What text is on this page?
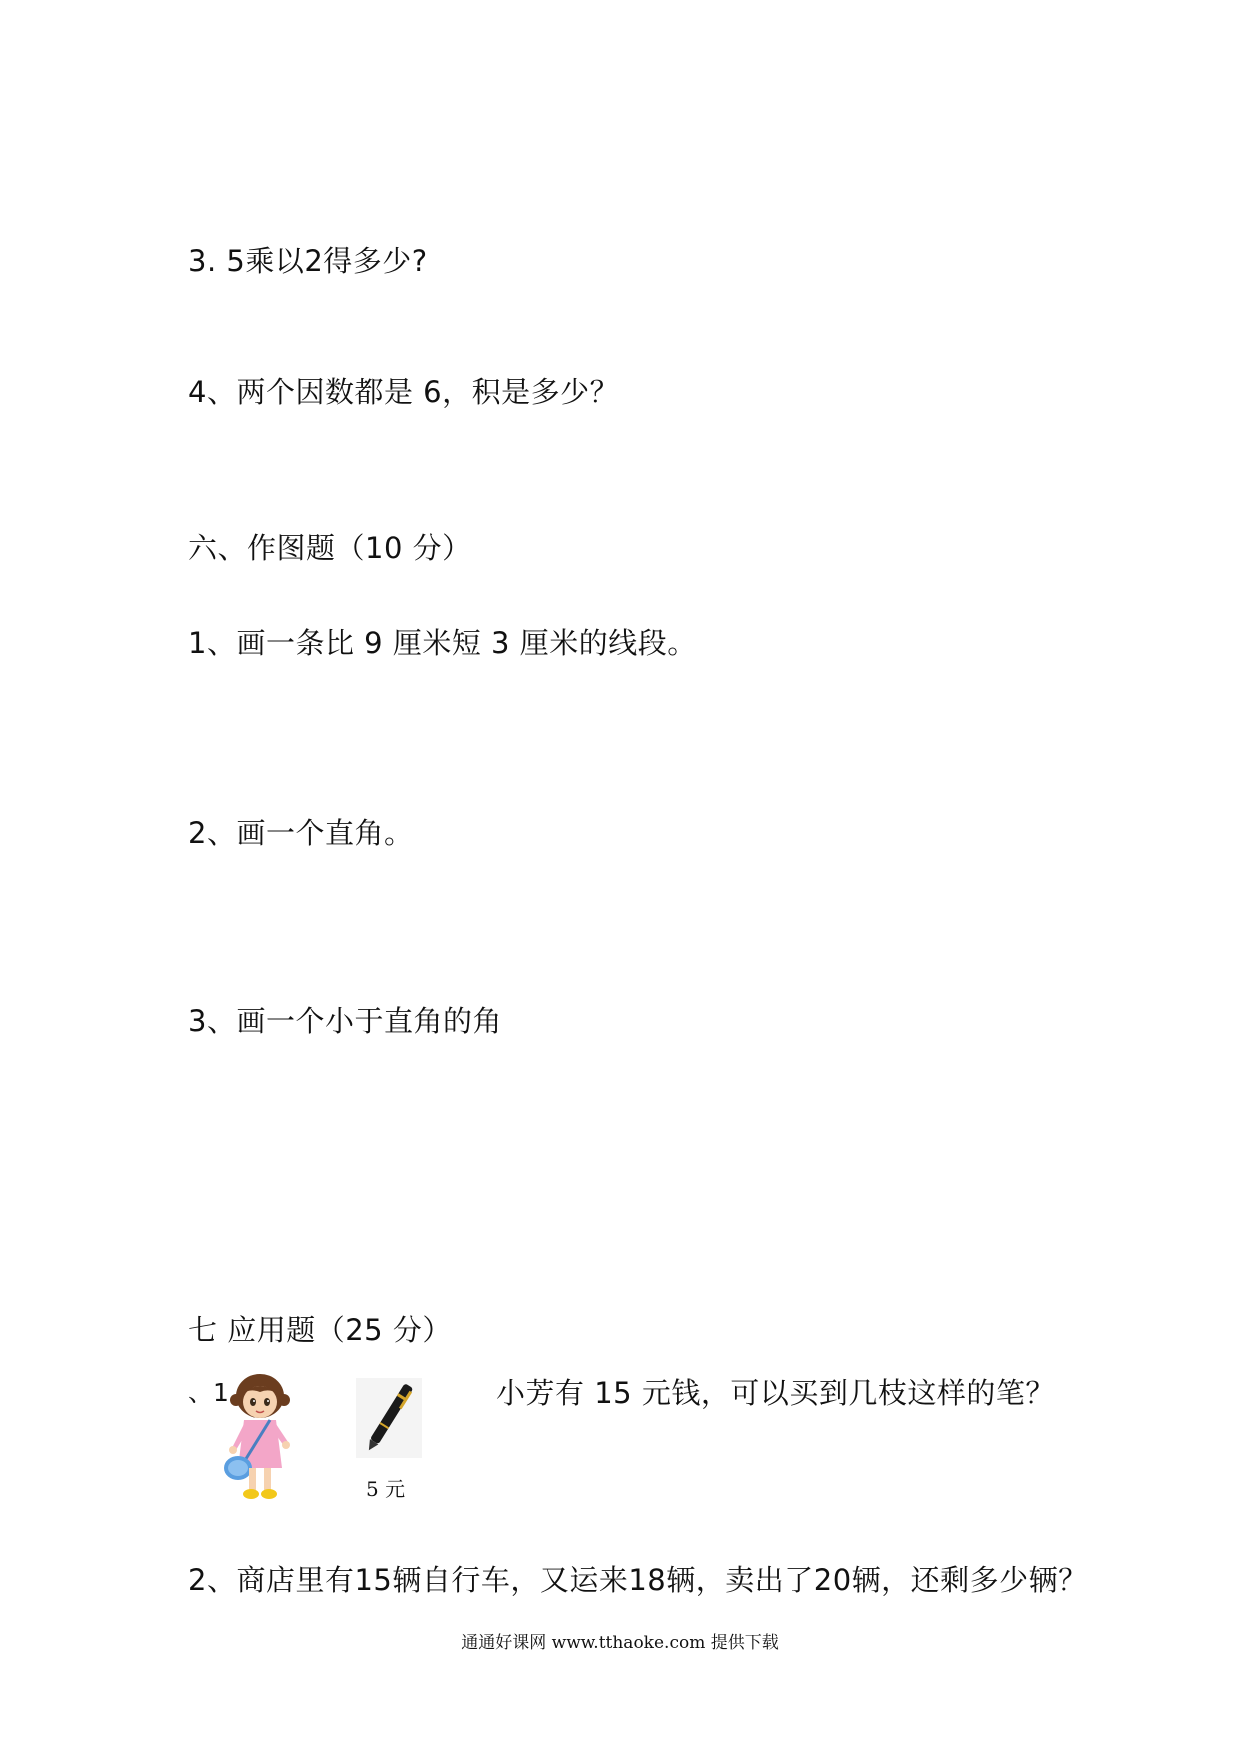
3. 5乘以2得多少?
4、两个因数都是 6，积是多少？
六、作图题（10 分）
1、画一条比 9 厘米短 3 厘米的线段。
2、画一个直角。
3、画一个小于直角的角
七 应用题（25 分）
、1
5 元
小芳有 15 元钱，可以买到几枝这样的笔？
2、商店里有15辆自行车，又运来18辆，卖出了20辆，还剩多少辆？
通通好课网 www.tthaoke.com 提供下载
